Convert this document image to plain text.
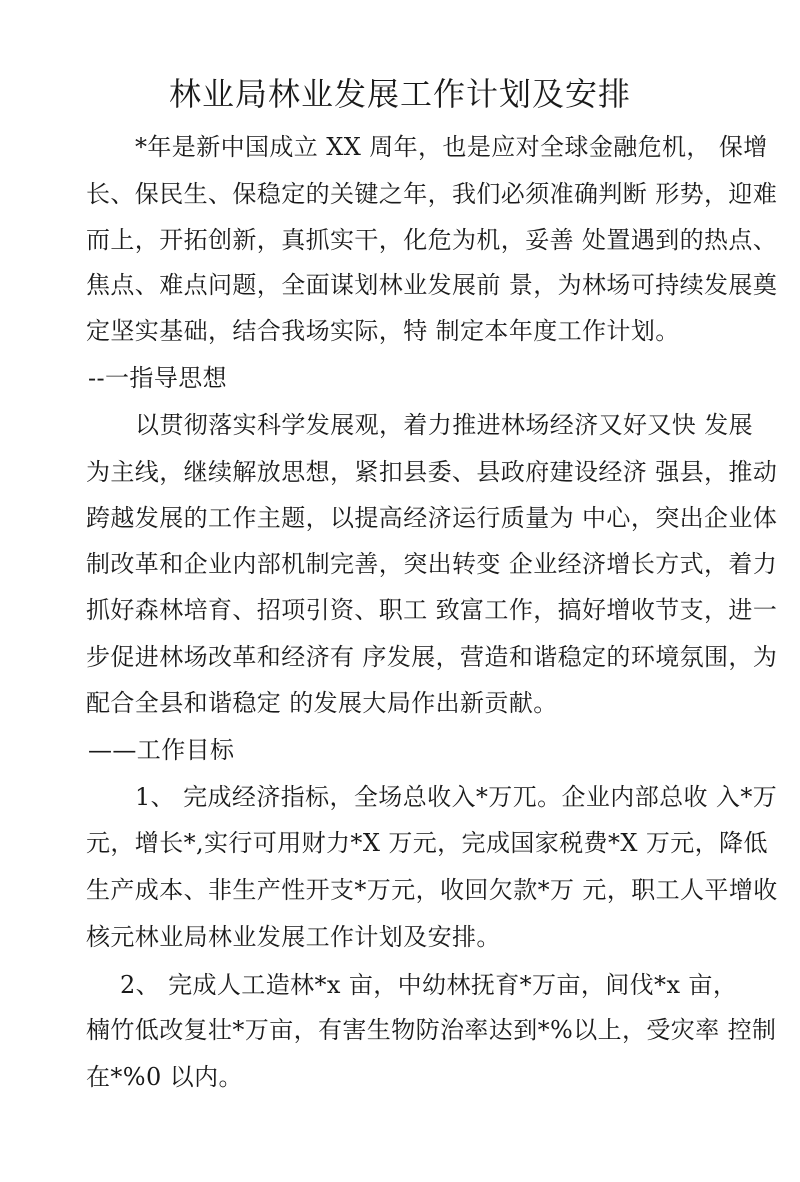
林业局林业发展工作计划及安排
*年是新中国成立 XX 周年，也是应对全球金融危机， 保增
长、保民生、保稳定的关键之年，我们必须准确判断 形势，迎难
而上，开拓创新，真抓实干，化危为机，妥善 处置遇到的热点、
焦点、难点问题，全面谋划林业发展前 景，为林场可持续发展奠
定坚实基础，结合我场实际，特 制定本年度工作计划。
--一指导思想
以贯彻落实科学发展观，着力推进林场经济又好又快 发展
为主线，继续解放思想，紧扣县委、县政府建设经济 强县，推动
跨越发展的工作主题，以提高经济运行质量为 中心，突出企业体
制改革和企业内部机制完善，突出转变 企业经济增长方式，着力
抓好森林培育、招项引资、职工 致富工作，搞好增收节支，进一
步促进林场改革和经济有 序发展，营造和谐稳定的环境氛围，为
配合全县和谐稳定 的发展大局作出新贡献。
——工作目标
1、 完成经济指标，全场总收入*万兀。企业内部总收 入*万
元，增长*,实行可用财力*X 万元，完成国家税费*X 万元，降低
生产成本、非生产性开支*万元，收回欠款*万 元，职工人平增收
核元林业局林业发展工作计划及安排。
2、 完成人工造林*x 亩，中幼林抚育*万亩，间伐*x 亩，
楠竹低改复壮*万亩，有害生物防治率达到*%以上，受灾率 控制
在*%0 以内。
